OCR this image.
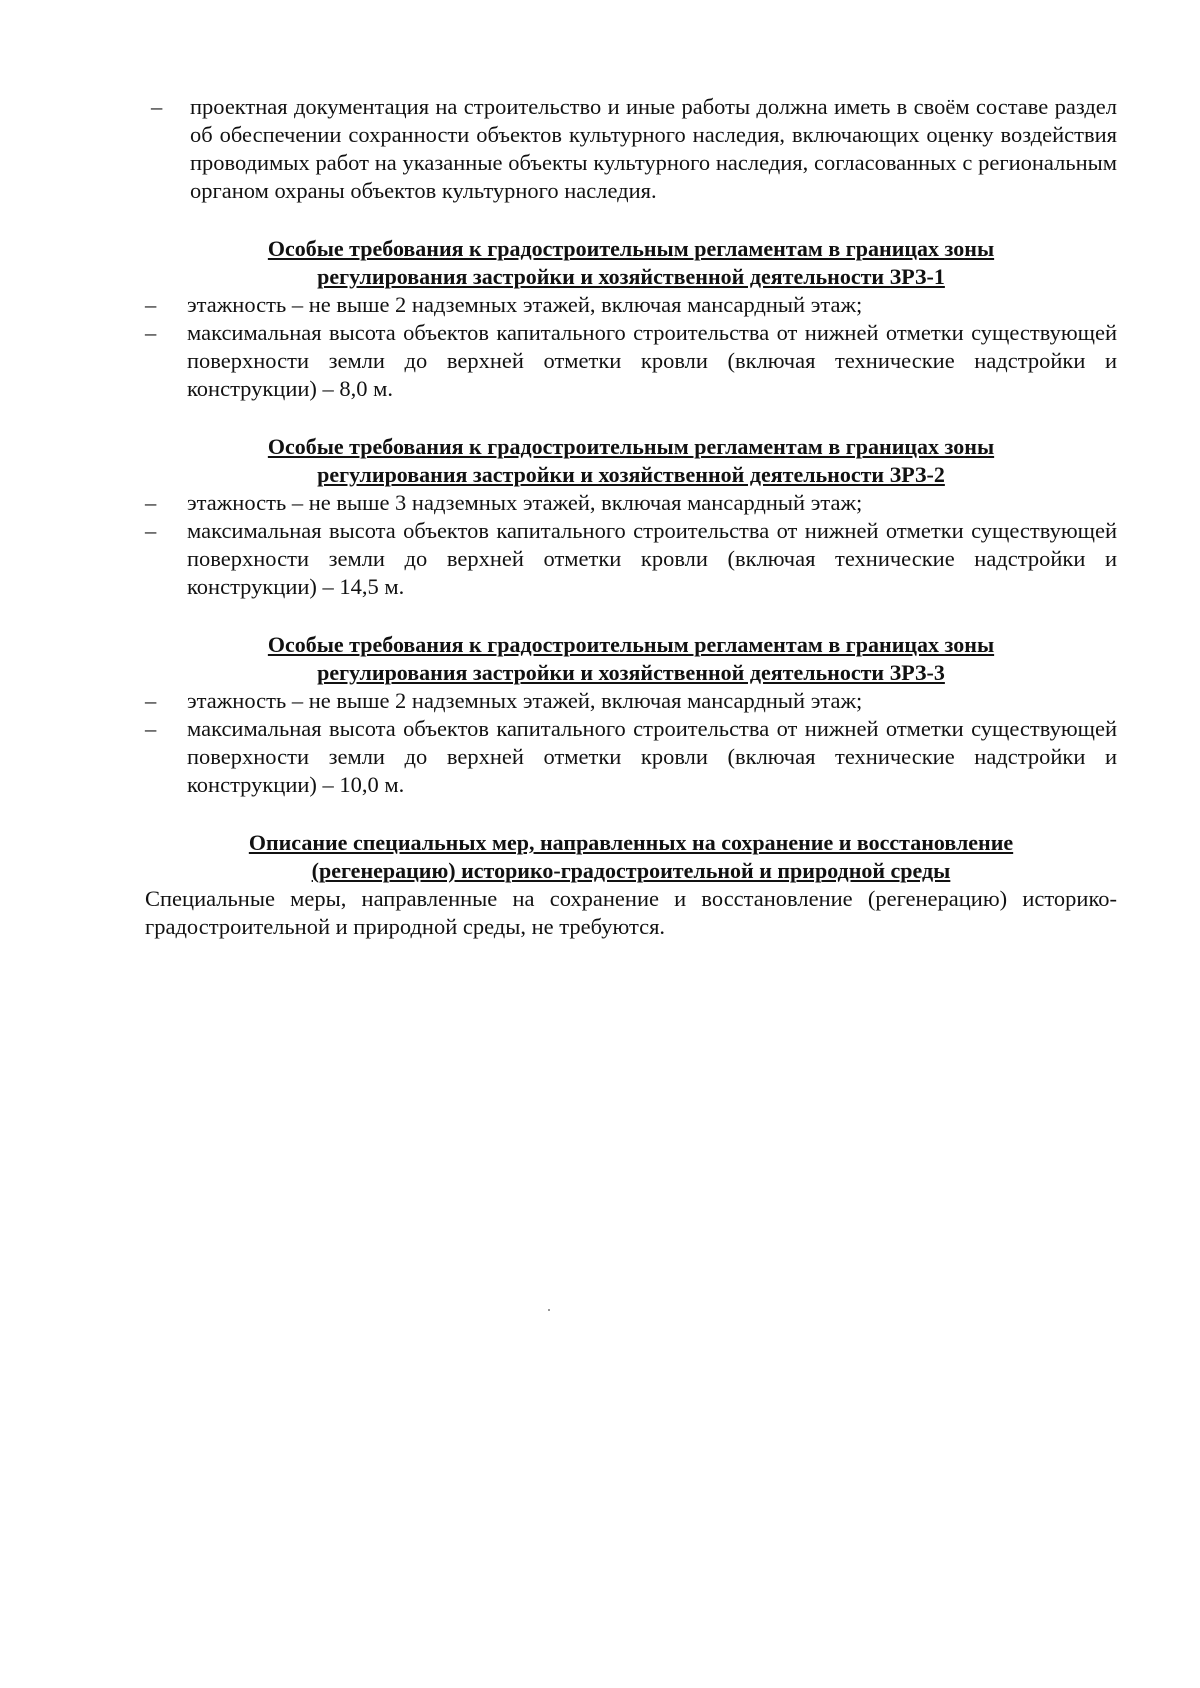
– проектная документация на строительство и иные работы должна иметь в своём составе раздел об обеспечении сохранности объектов культурного наследия, включающих оценку воздействия проводимых работ на указанные объекты культурного наследия, согласованных с региональным органом охраны объектов культурного наследия.
Особые требования к градостроительным регламентам в границах зоны
регулирования застройки и хозяйственной деятельности ЗРЗ-1
– этажность – не выше 2 надземных этажей, включая мансардный этаж;
– максимальная высота объектов капитального строительства от нижней отметки существующей поверхности земли до верхней отметки кровли (включая технические надстройки и конструкции) – 8,0 м.
Особые требования к градостроительным регламентам в границах зоны
регулирования застройки и хозяйственной деятельности ЗРЗ-2
– этажность – не выше 3 надземных этажей, включая мансардный этаж;
– максимальная высота объектов капитального строительства от нижней отметки существующей поверхности земли до верхней отметки кровли (включая технические надстройки и конструкции) – 14,5 м.
Особые требования к градостроительным регламентам в границах зоны
регулирования застройки и хозяйственной деятельности ЗРЗ-3
– этажность – не выше 2 надземных этажей, включая мансардный этаж;
– максимальная высота объектов капитального строительства от нижней отметки существующей поверхности земли до верхней отметки кровли (включая технические надстройки и конструкции) – 10,0 м.
Описание специальных мер, направленных на сохранение и восстановление
(регенерацию) историко-градостроительной и природной среды
Специальные меры, направленные на сохранение и восстановление (регенерацию) историко-градостроительной и природной среды, не требуются.
